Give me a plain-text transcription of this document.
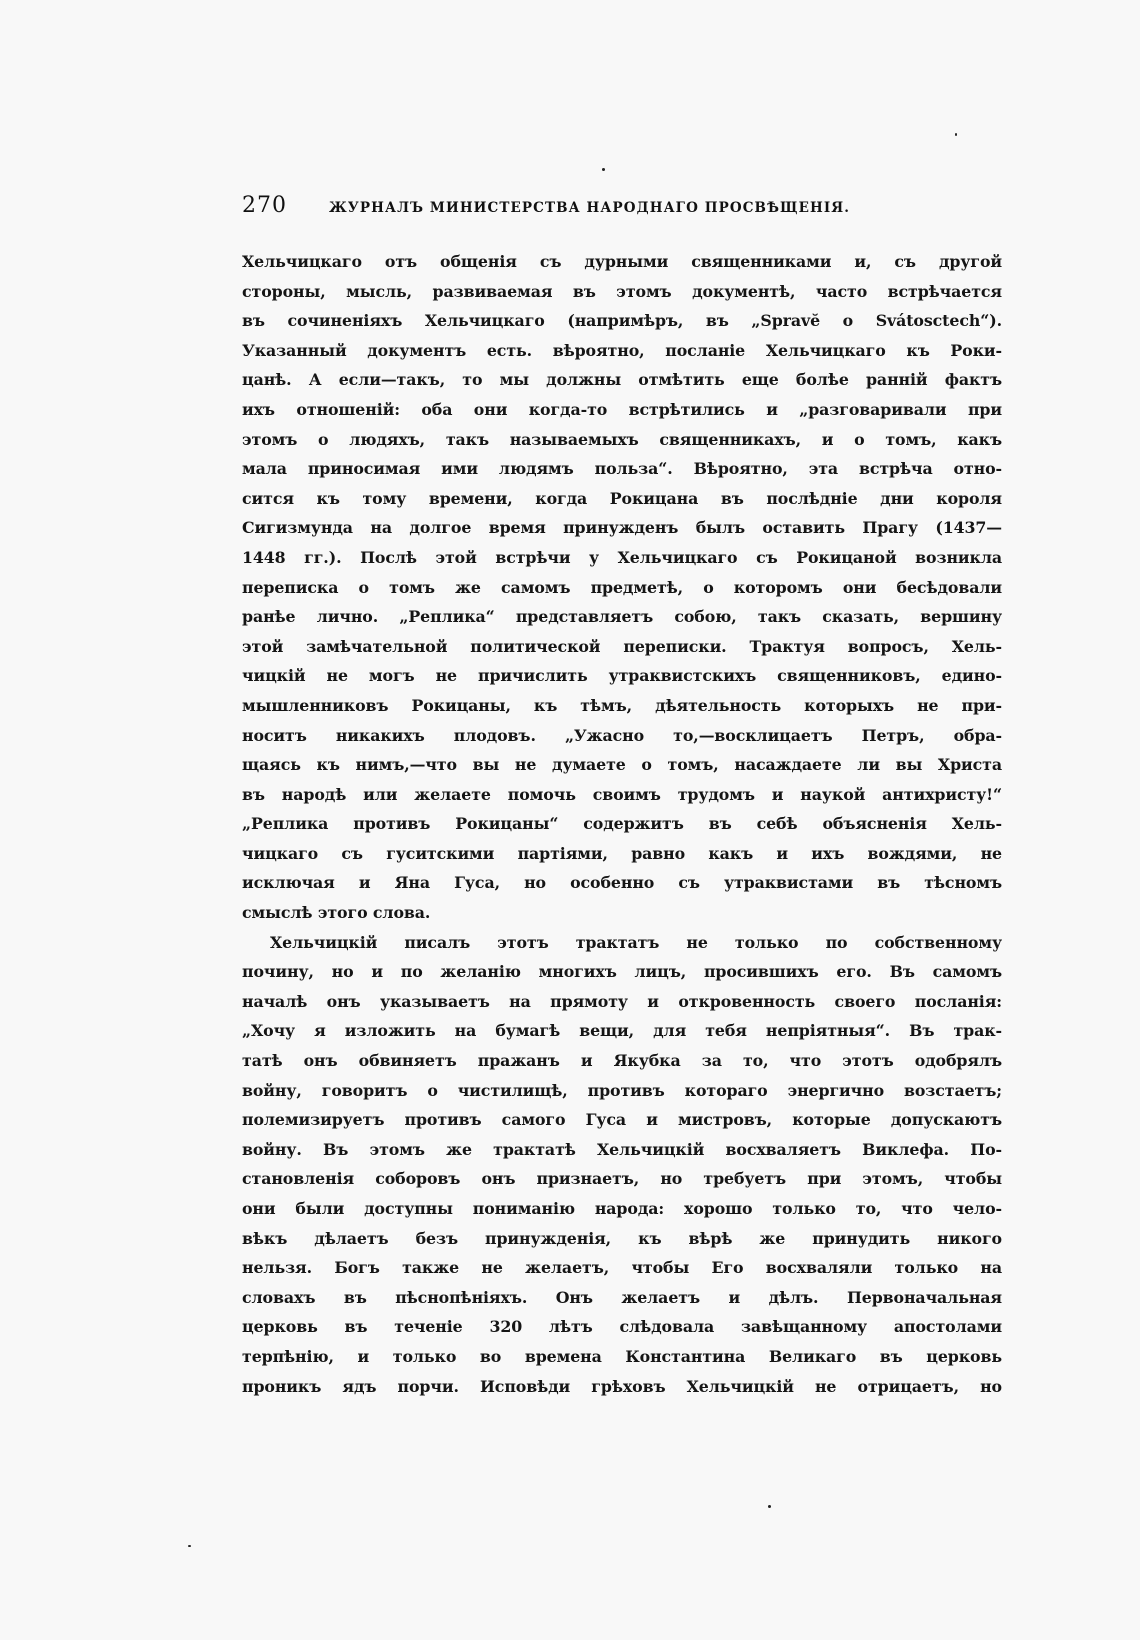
270	ЖУРНАЛЪ МИНИСТЕРСТВА НАРОДНАГО ПРОСВѢЩЕНІЯ.
Хельчицкаго отъ общенія съ дурными священниками и, съ другой
стороны, мысль, развиваемая въ этомъ документѣ, часто встрѣчается
въ сочиненіяхъ Хельчицкаго (напримѣръ, въ „Sprаvĕ o Svátoscteсh“).
Указанный документъ есть. вѣроятно, посланіе Хельчицкаго къ Роки-
цанѣ. А если—такъ, то мы должны отмѣтить еще болѣе ранній фактъ
ихъ отношеній: оба они когда-то встрѣтились и „разговаривали при
этомъ о людяхъ, такъ называемыхъ священникахъ, и о томъ, какъ
мала приносимая ими людямъ польза“. Вѣроятно, эта встрѣча отно-
сится къ тому времени, когда Рокицана въ послѣдніе дни короля
Сигизмунда на долгое время принужденъ былъ оставить Прагу (1437—
1448 гг.). Послѣ этой встрѣчи у Хельчицкаго съ Рокицаной возникла
переписка о томъ же самомъ предметѣ, о которомъ они бесѣдовали
ранѣе лично. „Реплика“ представляетъ собою, такъ сказать, вершину
этой замѣчательной политической переписки. Трактуя вопросъ, Хель-
чицкій не могъ не причислить утраквистскихъ священниковъ, едино-
мышленниковъ Рокицаны, къ тѣмъ, дѣятельность которыхъ не при-
носитъ никакихъ плодовъ. „Ужасно то,—восклицаетъ Петръ, обра-
щаясь къ нимъ,—что вы не думаете о томъ, насаждаете ли вы Христа
въ народѣ или желаете помочь своимъ трудомъ и наукой антихристу!“
„Реплика противъ Рокицаны“ содержитъ въ себѣ объясненія Хель-
чицкаго съ гуситскими партіями, равно какъ и ихъ вождями, не
исключая и Яна Гуса, но особенно съ утраквистами въ тѣсномъ
смыслѣ этого слова.
Хельчицкій писалъ этотъ трактатъ не только по собственному
почину, но и по желанію многихъ лицъ, просившихъ его. Въ самомъ
началѣ онъ указываетъ на прямоту и откровенность своего посланія:
„Хочу я изложить на бумагѣ вещи, для тебя непріятныя“. Въ трак-
татѣ онъ обвиняетъ пражанъ и Якубка за то, что этотъ одобрялъ
войну, говоритъ о чистилищѣ, противъ котораго энергично возстаетъ;
полемизируетъ противъ самого Гуса и мистровъ, которые допускаютъ
войну. Въ этомъ же трактатѣ Хельчицкій восхваляетъ Виклефа. По-
становленія соборовъ онъ признаетъ, но требуетъ при этомъ, чтобы
они были доступны пониманію народа: хорошо только то, что чело-
вѣкъ дѣлаетъ безъ принужденія, къ вѣрѣ же принудить никого
нельзя. Богъ также не желаетъ, чтобы Его восхваляли только на
словахъ въ пѣснопѣніяхъ. Онъ желаетъ и дѣлъ. Первоначальная
церковь въ теченіе 320 лѣтъ слѣдовала завѣщанному апостолами
терпѣнію, и только во времена Константина Великаго въ церковь
проникъ ядъ порчи. Исповѣди грѣховъ Хельчицкій не отрицаетъ, но
